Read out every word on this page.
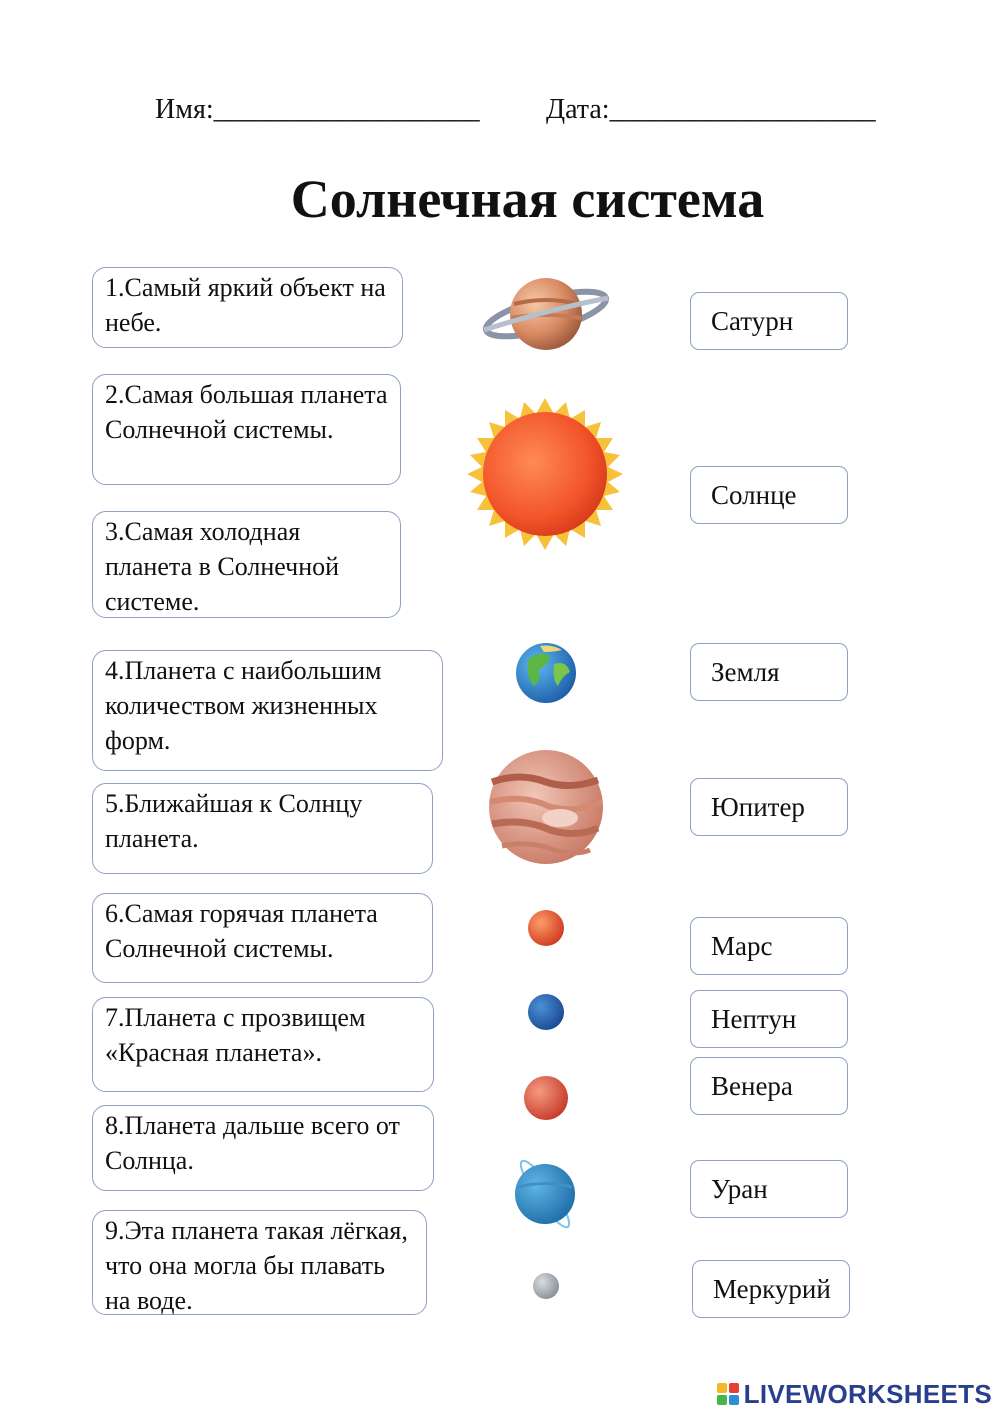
Имя:___________________ Дата:___________________
Солнечная система
1.Самый яркий объект на небе.
2.Самая большая планета Солнечной системы.
3.Самая холодная планета в Солнечной системе.
4.Планета с наибольшим количеством жизненных форм.
5.Ближайшая к Солнцу планета.
6.Самая горячая планета Солнечной системы.
7.Планета с прозвищем «Красная планета».
8.Планета дальше всего от Солнца.
9.Эта планета такая лёгкая, что она могла бы плавать на воде.
Сатурн
Солнце
Земля
Юпитер
Марс
Нептун
Венера
Уран
Меркурий
LIVEWORKSHEETS
